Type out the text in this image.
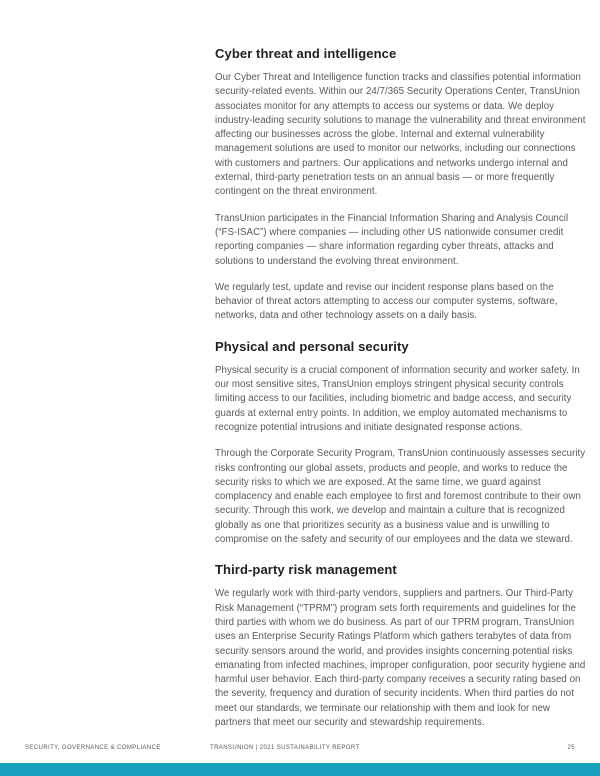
Cyber threat and intelligence

Our Cyber Threat and Intelligence function tracks and classifies potential information security-related events. Within our 24/7/365 Security Operations Center, TransUnion associates monitor for any attempts to access our systems or data. We deploy industry-leading security solutions to manage the vulnerability and threat environment affecting our businesses across the globe. Internal and external vulnerability management solutions are used to monitor our networks, including our connections with customers and partners. Our applications and networks undergo internal and external, third-party penetration tests on an annual basis — or more frequently contingent on the threat environment.

TransUnion participates in the Financial Information Sharing and Analysis Council (“FS-ISAC”) where companies — including other US nationwide consumer credit reporting companies — share information regarding cyber threats, attacks and solutions to understand the evolving threat environment.

We regularly test, update and revise our incident response plans based on the behavior of threat actors attempting to access our computer systems, software, networks, data and other technology assets on a daily basis.

Physical and personal security

Physical security is a crucial component of information security and worker safety. In our most sensitive sites, TransUnion employs stringent physical security controls limiting access to our facilities, including biometric and badge access, and security guards at external entry points. In addition, we employ automated mechanisms to recognize potential intrusions and initiate designated response actions.

Through the Corporate Security Program, TransUnion continuously assesses security risks confronting our global assets, products and people, and works to reduce the security risks to which we are exposed. At the same time, we guard against complacency and enable each employee to first and foremost contribute to their own security. Through this work, we develop and maintain a culture that is recognized globally as one that prioritizes security as a business value and is unwilling to compromise on the safety and security of our employees and the data we steward.

Third-party risk management

We regularly work with third-party vendors, suppliers and partners. Our Third-Party Risk Management (“TPRM”) program sets forth requirements and guidelines for the third parties with whom we do business. As part of our TPRM program, TransUnion uses an Enterprise Security Ratings Platform which gathers terabytes of data from security sensors around the world, and provides insights concerning potential risks emanating from infected machines, improper configuration, poor security hygiene and harmful user behavior. Each third-party company receives a security rating based on the severity, frequency and duration of security incidents. When third parties do not meet our standards, we terminate our relationship with them and look for new partners that meet our security and stewardship requirements.

SECURITY, GOVERNANCE & COMPLIANCE	TRANSUNION | 2021 SUSTAINABILITY REPORT	25
